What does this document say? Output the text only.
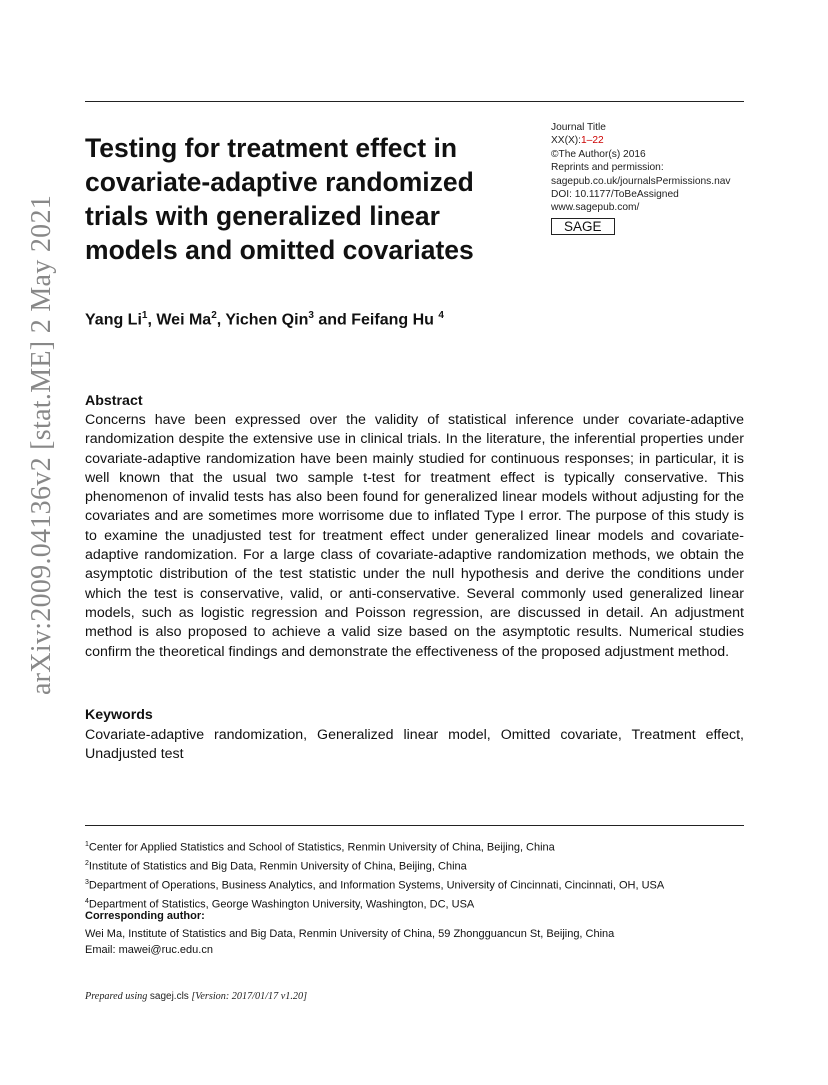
arXiv:2009.04136v2 [stat.ME] 2 May 2021
Testing for treatment effect in
covariate-adaptive randomized
trials with generalized linear
models and omitted covariates
Journal Title
XX(X):1–22
©The Author(s) 2016
Reprints and permission:
sagepub.co.uk/journalsPermissions.nav
DOI: 10.1177/ToBeAssigned
www.sagepub.com/
SAGE
Yang Li$^1$, Wei Ma$^2$, Yichen Qin$^3$ and Feifang Hu $^4$
Abstract
Concerns have been expressed over the validity of statistical inference under covariate-adaptive randomization despite the extensive use in clinical trials. In the literature, the inferential properties under covariate-adaptive randomization have been mainly studied for continuous responses; in particular, it is well known that the usual two sample t-test for treatment effect is typically conservative. This phenomenon of invalid tests has also been found for generalized linear models without adjusting for the covariates and are sometimes more worrisome due to inflated Type I error. The purpose of this study is to examine the unadjusted test for treatment effect under generalized linear models and covariate-adaptive randomization. For a large class of covariate-adaptive randomization methods, we obtain the asymptotic distribution of the test statistic under the null hypothesis and derive the conditions under which the test is conservative, valid, or anti-conservative. Several commonly used generalized linear models, such as logistic regression and Poisson regression, are discussed in detail. An adjustment method is also proposed to achieve a valid size based on the asymptotic results. Numerical studies confirm the theoretical findings and demonstrate the effectiveness of the proposed adjustment method.
Keywords
Covariate-adaptive randomization, Generalized linear model, Omitted covariate, Treatment effect, Unadjusted test
$^1$Center for Applied Statistics and School of Statistics, Renmin University of China, Beijing, China
$^2$Institute of Statistics and Big Data, Renmin University of China, Beijing, China
$^3$Department of Operations, Business Analytics, and Information Systems, University of Cincinnati, Cincinnati, OH, USA
$^4$Department of Statistics, George Washington University, Washington, DC, USA
Corresponding author:
Wei Ma, Institute of Statistics and Big Data, Renmin University of China, 59 Zhongguancun St, Beijing, China
Email: mawei@ruc.edu.cn
Prepared using sagej.cls [Version: 2017/01/17 v1.20]
